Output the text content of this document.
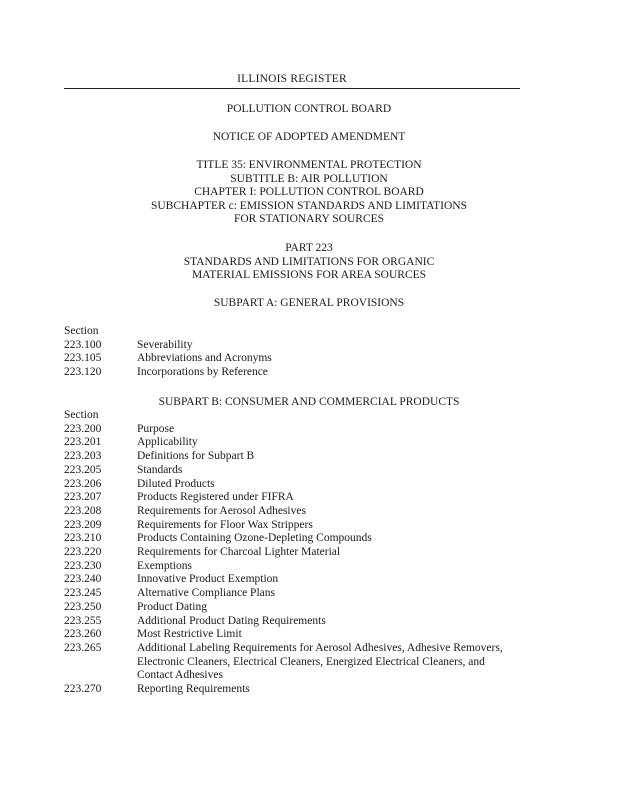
ILLINOIS REGISTER
POLLUTION CONTROL BOARD
NOTICE OF ADOPTED AMENDMENT
TITLE 35: ENVIRONMENTAL PROTECTION
SUBTITLE B: AIR POLLUTION
CHAPTER I: POLLUTION CONTROL BOARD
SUBCHAPTER c: EMISSION STANDARDS AND LIMITATIONS
FOR STATIONARY SOURCES
PART 223
STANDARDS AND LIMITATIONS FOR ORGANIC
MATERIAL EMISSIONS FOR AREA SOURCES
SUBPART A: GENERAL PROVISIONS
Section
223.100	Severability
223.105	Abbreviations and Acronyms
223.120	Incorporations by Reference
SUBPART B: CONSUMER AND COMMERCIAL PRODUCTS
Section
223.200	Purpose
223.201	Applicability
223.203	Definitions for Subpart B
223.205	Standards
223.206	Diluted Products
223.207	Products Registered under FIFRA
223.208	Requirements for Aerosol Adhesives
223.209	Requirements for Floor Wax Strippers
223.210	Products Containing Ozone-Depleting Compounds
223.220	Requirements for Charcoal Lighter Material
223.230	Exemptions
223.240	Innovative Product Exemption
223.245	Alternative Compliance Plans
223.250	Product Dating
223.255	Additional Product Dating Requirements
223.260	Most Restrictive Limit
223.265	Additional Labeling Requirements for Aerosol Adhesives, Adhesive Removers,
Electronic Cleaners, Electrical Cleaners, Energized Electrical Cleaners, and
Contact Adhesives
223.270	Reporting Requirements
